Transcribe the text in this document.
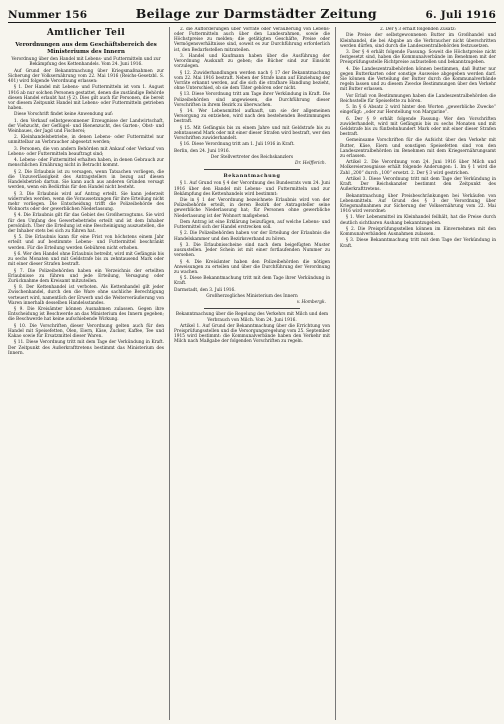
Nummer 156	Beilage zur Darmstädter Zeitung	6. Juli 1916
Amtlicher Teil
Verordnungen aus dem Geschäftsbereich des Ministeriums des Innern

Verordnung über den Handel mit Lebens- und Futtermitteln und zur Bekämpfung des Kettenhandels. Vom 24. Juni 1916.

Auf Grund der Bekanntmachung über Kriegsmaßnahmen zur Sicherung der Volksernährung vom 22. Mai 1916 (Reichs-Gesetzbl. S. 401) wird folgende Verordnung erlassen:

§ 1. Der Handel mit Lebens- und Futtermitteln ist vom 1. August 1916 ab nur solchen Personen gestattet, denen die zuständige Behörde diesen Handel erlaubt hat (§ 2). Dies gilt auch für Personen, die bereit vor diesem Zeitpunkt Handel mit Lebens- oder Futtermitteln getrieben haben.

Diese Vorschrift findet keine Anwendung auf:

1. den Verkauf selbstgewonnener Erzeugnisse der Landwirtschaft, der Viehzucht, der Geflügel- und Bienenzucht, des Garten-, Obst- und Weinbaues, der Jagd und Fischerei;

2. Kleinhandelsbetriebe, in denen Lebens- oder Futtermittel nur unmittelbar an Verbraucher abgesetzt werden;

3. Personen, die von andern Behörden mit Ankauf oder Verkauf von Lebens- oder Futtermitteln beauftragt sind;

4. Lebens- oder Futtermittel erhalten haben, in denen Gebrauch zur menschlichen Ernährung nicht in Betracht kommt.

§ 2. Die Erlaubnis ist zu versagen, wenn Tatsachen vorliegen, die die Unzuverlässigkeit des Antragstellers in bezug auf diesen Handelsbetrieb dartun. Sie kann auch aus anderen Gründen versagt werden, wenn ein Bedürfnis für den Handel nicht besteht.

§ 3. Die Erlaubnis wird auf Antrag erteilt. Sie kann jederzeit widerrufen werden, wenn die Voraussetzungen für ihre Erteilung nicht mehr vorliegen. Die Entscheidung trifft die Polizeibehörde des Wohnorts oder der gewerblichen Niederlassung.

§ 4. Die Erlaubnis gilt für das Gebiet des Großherzogtums. Sie wird für den Umfang des Gewerbebetriebs erteilt und ist dem Inhaber persönlich. Über die Erteilung ist eine Bescheinigung auszustellen, die der Inhaber stets bei sich zu führen hat.

§ 5. Die Erlaubnis kann für eine Frist von höchstens einem Jahr erteilt und auf bestimmte Lebens- und Futtermittel beschränkt werden. Für die Erteilung werden Gebühren nicht erhoben.

§ 6. Wer den Handel ohne Erlaubnis betreibt, wird mit Gefängnis bis zu sechs Monaten und mit Geldstrafe bis zu zehntausend Mark oder mit einer dieser Strafen bestraft.

§ 7. Die Polizeibehörden haben ein Verzeichnis der erteilten Erlaubnisse zu führen und jede Erteilung, Versagung oder Zurücknahme dem Kreisamt mitzuteilen.

§ 8. Der Kettenhandel ist verboten. Als Kettenhandel gilt jeder Zwischenhandel, durch den die Ware ohne sachliche Berechtigung verteuert wird, namentlich der Erwerb und die Weiterveräußerung von Waren innerhalb desselben Handelsstandes.

§ 9. Die Kreisämter können Ausnahmen zulassen. Gegen ihre Entscheidung ist Beschwerde an das Ministerium des Innern gegeben; die Beschwerde hat keine aufschiebende Wirkung.

§ 10. Die Vorschriften dieser Verordnung gelten auch für den Handel mit Speisefetten, Ölen, Eiern, Käse, Zucker, Kaffee, Tee und Kakao sowie für Ersatzmittel dieser Waren.

§ 11. Diese Verordnung tritt mit dem Tage der Verkündung in Kraft. Der Zeitpunkt des Außerkrafttretens bestimmt das Ministerium des Innern.

2. die Aufforderungen über Vorräte oder Veräußerung von Lebens- oder Futtermitteln auch über den Landesrahmen, sowie die Höchstpreise zu melden; die getätigten Geschäfte, Preise oder Vermögensverhältnisse sind, soweit es zur Durchführung erforderlich ist, den Bedarfsstellen mitzuteilen.

3. Handel und Kaufmann haben über die Ausführung der Verordnung Auskunft zu geben; die Bücher sind zur Einsicht vorzulegen.

§ 12. Zuwiderhandlungen werden nach § 17 der Bekanntmachung vom 22. Mai 1916 bestraft. Neben der Strafe kann auf Einziehung der Vorräte erkannt werden, auf die sich die strafbare Handlung bezieht, ohne Unterschied, ob sie dem Täter gehören oder nicht.

§ 13. Diese Verordnung tritt am Tage ihrer Verkündung in Kraft. Die Polizeibehörden sind angewiesen, die Durchführung dieser Vorschriften in ihrem Bezirk zu überwachen.

§ 14. Wer Lebensmittel aufkauft, um sie der allgemeinen Versorgung zu entziehen, wird nach den bestehenden Bestimmungen bestraft.

§ 15. Mit Gefängnis bis zu einem Jahre und mit Geldstrafe bis zu zehntausend Mark oder mit einer dieser Strafen wird bestraft, wer den Vorschriften zuwiderhandelt.

§ 16. Diese Verordnung tritt am 1. Juli 1916 in Kraft.

Berlin, den 24. Juni 1916.

Der Stellvertreter des Reichskanzlers
Dr. Helfferich.
Bekanntmachung

§ 1. Auf Grund von § 4 der Verordnung des Bundesrats vom 24. Juni 1916 über den Handel mit Lebens- und Futtermitteln und zur Bekämpfung des Kettenhandels wird bestimmt:

Die in § 1 der Verordnung bezeichnete Erlaubnis wird von der Polizeibehörde erteilt, in deren Bezirk der Antragsteller seine gewerbliche Niederlassung hat; für Personen ohne gewerbliche Niederlassung ist der Wohnort maßgebend.

Dem Antrag ist eine Erklärung beizufügen, auf welche Lebens- und Futtermittel sich der Handel erstrecken soll.

§ 2. Die Polizeibehörden haben vor der Erteilung der Erlaubnis die Handelskammer und den Bezirksverband zu hören.

§ 3. Die Erlaubnisscheine sind nach dem beigefügten Muster auszustellen. Jeder Schein ist mit einer fortlaufenden Nummer zu versehen.

§ 4. Die Kreisämter haben den Polizeibehörden die nötigen Anweisungen zu erteilen und über die Durchführung der Verordnung zu wachen.

§ 5. Diese Bekanntmachung tritt mit dem Tage ihrer Verkündung in Kraft.

Darmstadt, den 3. Juli 1916.

Großherzogliches Ministerium des Innern
v. Hombergk.

Bekanntmachung über die Regelung des Verkehrs mit Milch und dem Verbrauch von Milch. Vom 24. Juni 1916.

Artikel 1. Auf Grund der Bekanntmachung über die Errichtung von Preisprüfungsstellen und die Versorgungsregelung vom 25. September 1915 wird bestimmt: die Kommunalverbände haben den Verkehr mit Milch nach Maßgabe der folgenden Vorschriften zu regeln.

2. Der § 3 erhält folgenden Zusatz:

Die Preise der selbstgewonnenen Butter im Großhandel und Kleinhandel, die bei Abgabe an die Verbraucher nicht überschritten werden dürfen, sind durch die Landeszentralbehörden festzusetzen.

3. Der § 4 erhält folgende Fassung: Soweit die Höchstpreise nicht festgesetzt sind, haben die Kommunalverbände im Benehmen mit der Preisprüfungsstelle Richtpreise aufzustellen und bekanntzugeben.

4. Die Landeszentralbehörden können bestimmen, daß Butter nur gegen Butterkarten oder sonstige Ausweise abgegeben werden darf. Sie können die Verteilung der Butter durch die Kommunalverbände regeln lassen und zu diesem Zwecke Bestimmungen über den Verkehr mit Butter erlassen.

Vor Erlaß von Bestimmungen haben die Landeszentralbehörden die Reichsstelle für Speisefette zu hören.

5. In § 6 Absatz 2 wird hinter den Worten „gewerbliche Zwecke“ eingefügt: „oder zur Herstellung von Margarine“.

6. Der § 9 erhält folgende Fassung: Wer den Vorschriften zuwiderhandelt, wird mit Gefängnis bis zu sechs Monaten und mit Geldstrafe bis zu fünfzehnhundert Mark oder mit einer dieser Strafen bestraft.

Gemeinsame Vorschriften für die Aufsicht über den Verkehr mit Butter, Käse, Eiern und sonstigen Speisefetten sind von den Landeszentralbehörden im Benehmen mit dem Kriegsernährungsamt zu erlassen.

Artikel 2. Die Verordnung vom 24. Juni 1916 über Milch und Molkereierzeugnisse erhält folgende Änderungen: 1. Im § 1 wird die Zahl „200“ durch „100“ ersetzt. 2. Der § 3 wird gestrichen.

Artikel 3. Diese Verordnung tritt mit dem Tage der Verkündung in Kraft. Der Reichskanzler bestimmt den Zeitpunkt des Außerkrafttretens.

Bekanntmachung über Preisbeschränkungen bei Verkäufen von Lebensmitteln. Auf Grund des § 3 der Verordnung über Kriegsmaßnahmen zur Sicherung der Volksernährung vom 22. Mai 1916 wird verordnet:

§ 1. Wer Lebensmittel im Kleinhandel feilhält, hat die Preise durch deutlich sichtbaren Aushang bekanntzugeben.

§ 2. Die Preisprüfungsstellen können im Einvernehmen mit den Kommunalverbänden Ausnahmen zulassen.

§ 3. Diese Bekanntmachung tritt mit dem Tage der Verkündung in Kraft.
